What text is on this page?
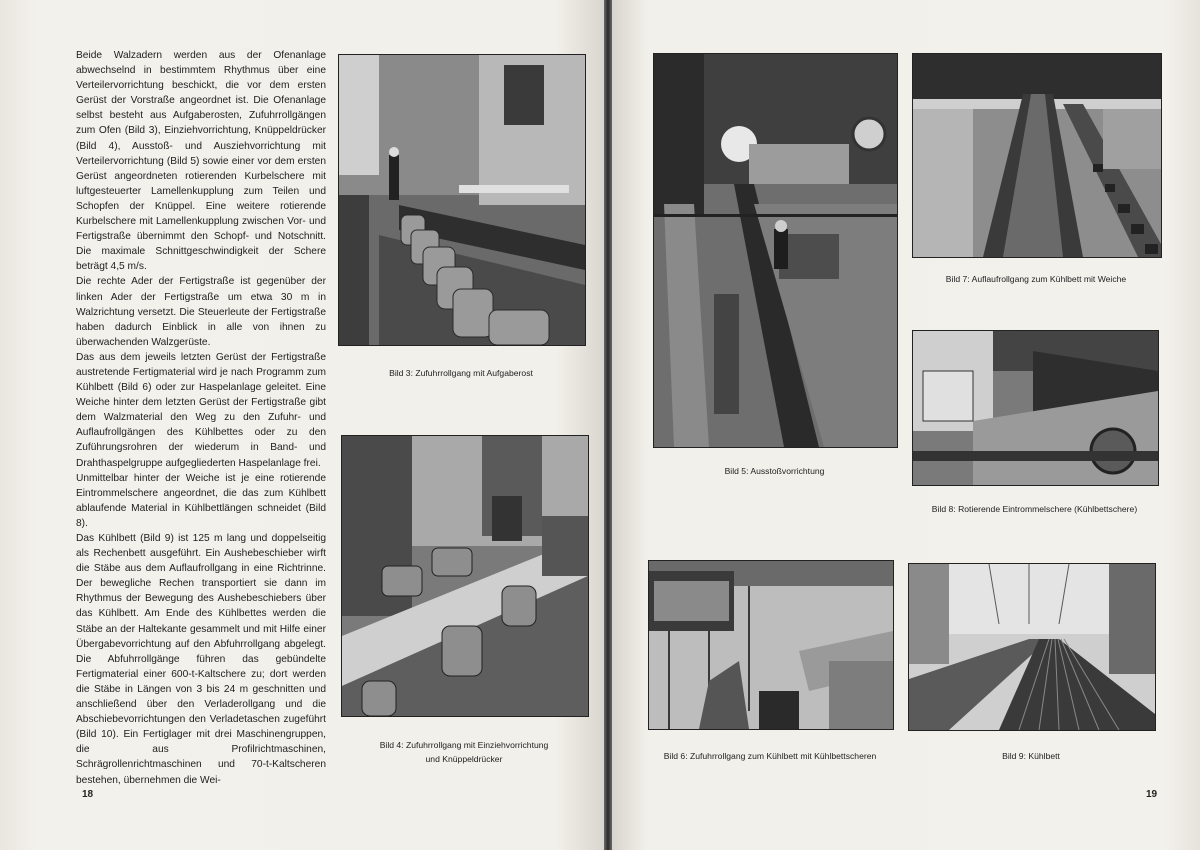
Beide Walzadern werden aus der Ofenanlage abwechselnd in bestimmtem Rhythmus über eine Verteilervorrichtung beschickt, die vor dem ersten Gerüst der Vorstraße angeordnet ist. Die Ofenanlage selbst besteht aus Aufgaberosten, Zufuhrrollgängen zum Ofen (Bild 3), Einziehvorrichtung, Knüppeldrücker (Bild 4), Ausstoß- und Ausziehvorrichtung mit Verteilervorrichtung (Bild 5) sowie einer vor dem ersten Gerüst angeordneten rotierenden Kurbelschere mit luftgesteuerter Lamellenkupplung zum Teilen und Schopfen der Knüppel. Eine weitere rotierende Kurbelschere mit Lamellenkupplung zwischen Vor- und Fertigstraße übernimmt den Schopf- und Notschnitt. Die maximale Schnittgeschwindigkeit der Schere beträgt 4,5 m/s.

Die rechte Ader der Fertigstraße ist gegenüber der linken Ader der Fertigstraße um etwa 30 m in Walzrichtung versetzt. Die Steuerleute der Fertigstraße haben dadurch Einblick in alle von ihnen zu überwachenden Walzgerüste.

Das aus dem jeweils letzten Gerüst der Fertigstraße austretende Fertigmaterial wird je nach Programm zum Kühlbett (Bild 6) oder zur Haspelanlage geleitet. Eine Weiche hinter dem letzten Gerüst der Fertigstraße gibt dem Walzmaterial den Weg zu den Zufuhr- und Auflaufrollgängen des Kühlbettes oder zu den Zuführungsrohren der wiederum in Band- und Drahthaspelgruppe aufgegliederten Haspelanlage frei.

Unmittelbar hinter der Weiche ist je eine rotierende Eintrommelschere angeordnet, die das zum Kühlbett ablaufende Material in Kühlbettlängen schneidet (Bild 8).

Das Kühlbett (Bild 9) ist 125 m lang und doppelseitig als Rechenbett ausgeführt. Ein Aushebeschieber wirft die Stäbe aus dem Auflaufrollgang in eine Richtrinne. Der bewegliche Rechen transportiert sie dann im Rhythmus der Bewegung des Aushebeschiebers über das Kühlbett. Am Ende des Kühlbettes werden die Stäbe an der Haltekante gesammelt und mit Hilfe einer Übergabevorrichtung auf den Abfuhrrollgang abgelegt. Die Abfuhrrollgänge führen das gebündelte Fertigmaterial einer 600-t-Kaltschere zu; dort werden die Stäbe in Längen von 3 bis 24 m geschnitten und anschließend über den Verladerollgang und die Abschiebevorrichtungen den Verladetaschen zugeführt (Bild 10). Ein Fertiglager mit drei Maschinengruppen, die aus Profilrichtmaschinen, Schrägrollenrichtmaschinen und 70-t-Kaltscheren bestehen, übernehmen die Wei-

Bild 3: Zufuhrrollgang mit Aufgaberost
Bild 4: Zufuhrrollgang mit Einziehvorrichtung
und Knüppeldrücker
18
Bild 5: Ausstoßvorrichtung
Bild 7: Auflaufrollgang zum Kühlbett mit Weiche
Bild 8: Rotierende Eintrommelschere (Kühlbettschere)
Bild 6: Zufuhrrollgang zum Kühlbett mit Kühlbettscheren	Bild 9: Kühlbett
19
